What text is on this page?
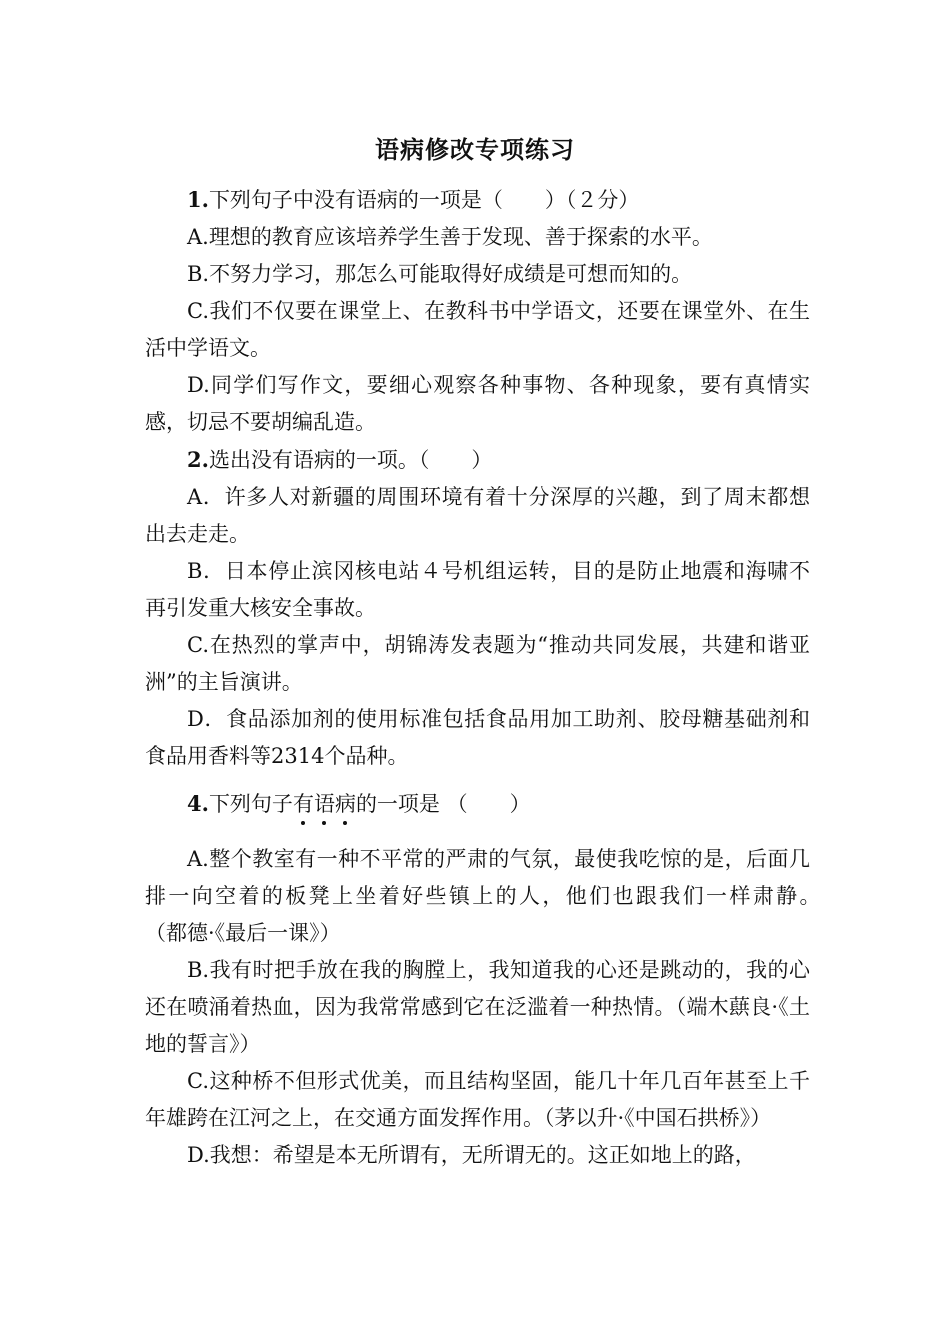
语病修改专项练习

1.下列句子中没有语病的一项是（　　）（２分）

A.理想的教育应该培养学生善于发现、善于探索的水平。

B.不努力学习，那怎么可能取得好成绩是可想而知的。

C.我们不仅要在课堂上、在教科书中学语文，还要在课堂外、在生活中学语文。

D.同学们写作文，要细心观察各种事物、各种现象，要有真情实感，切忌不要胡编乱造。

2.选出没有语病的一项。（　　）

A．许多人对新疆的周围环境有着十分深厚的兴趣，到了周末都想出去走走。

B．日本停止滨冈核电站４号机组运转，目的是防止地震和海啸不再引发重大核安全事故。

C.在热烈的掌声中，胡锦涛发表题为“推动共同发展，共建和谐亚洲”的主旨演讲。

D．食品添加剂的使用标准包括食品用加工助剂、胶母糖基础剂和食品用香料等2314个品种。

4.下列句子有语病的一项是 （　　）

A.整个教室有一种不平常的严肃的气氛，最使我吃惊的是，后面几排一向空着的板凳上坐着好些镇上的人，他们也跟我们一样肃静。　　　　　（都德·《最后一课》）

B.我有时把手放在我的胸膛上，我知道我的心还是跳动的，我的心还在喷涌着热血，因为我常常感到它在泛滥着一种热情。（端木蕻良·《土地的誓言》）

C.这种桥不但形式优美，而且结构坚固，能几十年几百年甚至上千年雄跨在江河之上，在交通方面发挥作用。（茅以升·《中国石拱桥》）

D.我想：希望是本无所谓有，无所谓无的。这正如地上的路，
